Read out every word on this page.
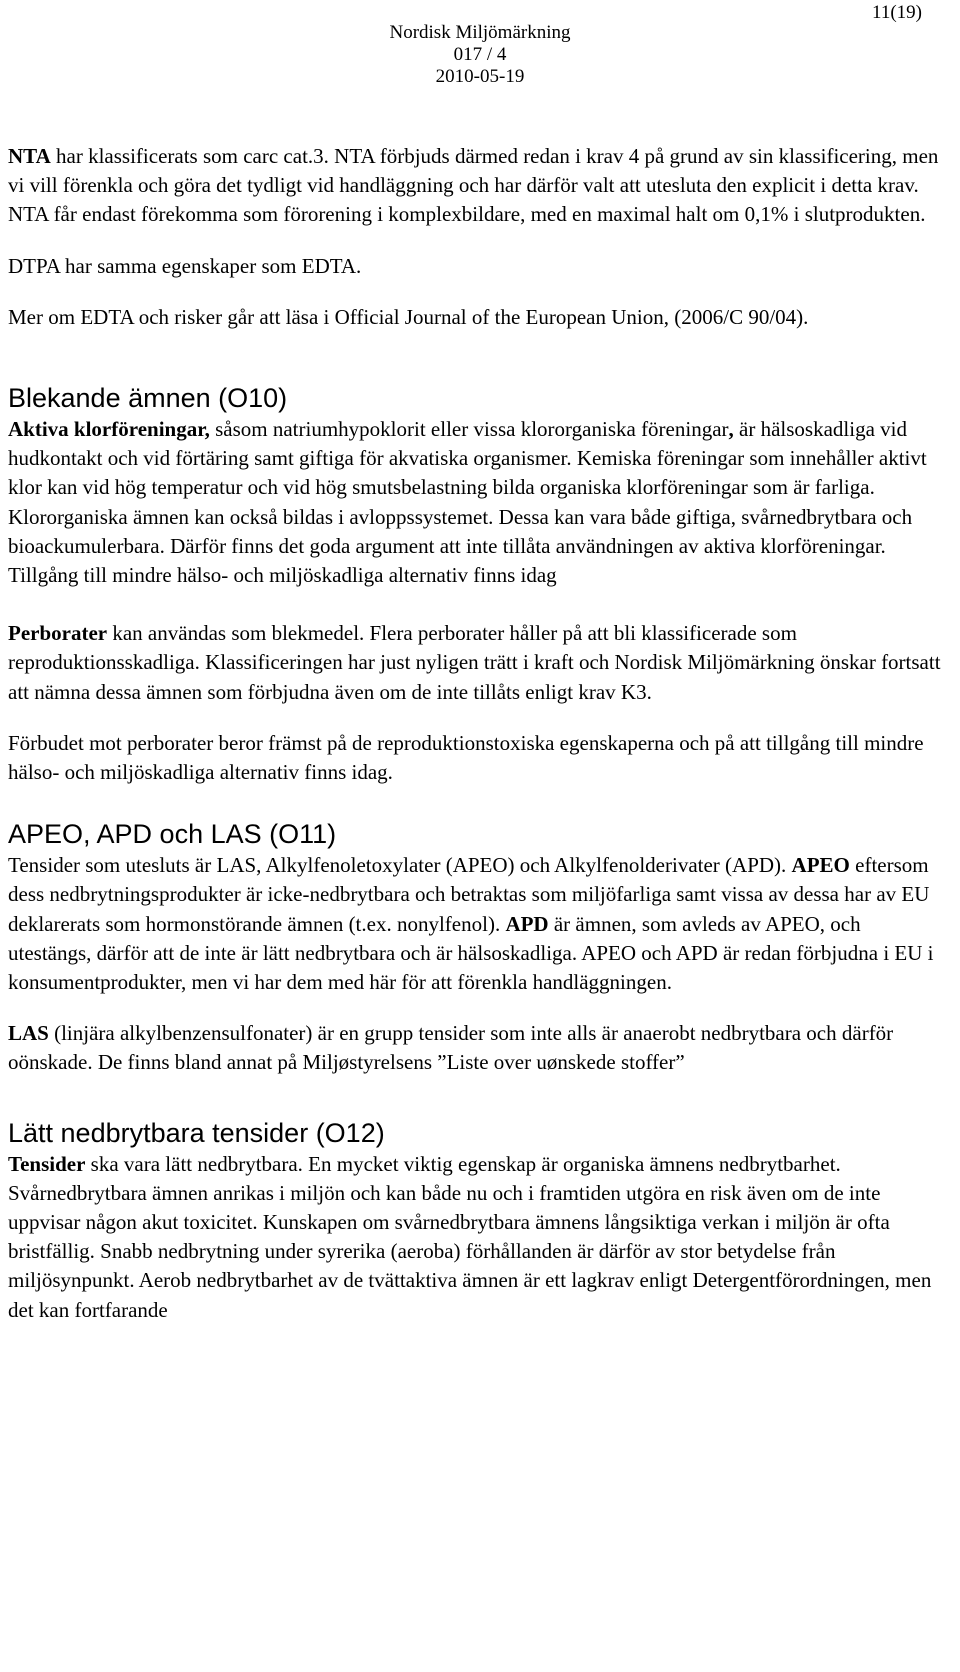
11(19)
Nordisk Miljömärkning
017 / 4
2010-05-19

NTA har klassificerats som carc cat.3. NTA förbjuds därmed redan i krav 4 på grund av sin klassificering, men vi vill förenkla och göra det tydligt vid handläggning och har därför valt att utesluta den explicit i detta krav. NTA får endast förekomma som förorening i komplexbildare, med en maximal halt om 0,1% i slutprodukten.

DTPA har samma egenskaper som EDTA.

Mer om EDTA och risker går att läsa i Official Journal of the European Union, (2006/C 90/04).

Blekande ämnen (O10)

Aktiva klorföreningar, såsom natriumhypoklorit eller vissa klororganiska föreningar, är hälsoskadliga vid hudkontakt och vid förtäring samt giftiga för akvatiska organismer. Kemiska föreningar som innehåller aktivt klor kan vid hög temperatur och vid hög smutsbelastning bilda organiska klorföreningar som är farliga. Klororganiska ämnen kan också bildas i avloppssystemet. Dessa kan vara både giftiga, svårnedbrytbara och bioackumulerbara. Därför finns det goda argument att inte tillåta användningen av aktiva klorföreningar. Tillgång till mindre hälso- och miljöskadliga alternativ finns idag

Perborater kan användas som blekmedel. Flera perborater håller på att bli klassificerade som reproduktionsskadliga. Klassificeringen har just nyligen trätt i kraft och Nordisk Miljömärkning önskar fortsatt att nämna dessa ämnen som förbjudna även om de inte tillåts enligt krav K3.

Förbudet mot perborater beror främst på de reproduktionstoxiska egenskaperna och på att tillgång till mindre hälso- och miljöskadliga alternativ finns idag.

APEO, APD och LAS (O11)

Tensider som utesluts är LAS, Alkylfenoletoxylater (APEO) och Alkylfenolderivater (APD). APEO eftersom dess nedbrytningsprodukter är icke-nedbrytbara och betraktas som miljöfarliga samt vissa av dessa har av EU deklarerats som hormonstörande ämnen (t.ex. nonylfenol). APD är ämnen, som avleds av APEO, och utestängs, därför att de inte är lätt nedbrytbara och är hälsoskadliga. APEO och APD är redan förbjudna i EU i konsumentprodukter, men vi har dem med här för att förenkla handläggningen.

LAS (linjära alkylbenzensulfonater) är en grupp tensider som inte alls är anaerobt nedbrytbara och därför oönskade. De finns bland annat på Miljøstyrelsens ”Liste over uønskede stoffer”

Lätt nedbrytbara tensider (O12)

Tensider ska vara lätt nedbrytbara. En mycket viktig egenskap är organiska ämnens nedbrytbarhet. Svårnedbrytbara ämnen anrikas i miljön och kan både nu och i framtiden utgöra en risk även om de inte uppvisar någon akut toxicitet. Kunskapen om svårnedbrytbara ämnens långsiktiga verkan i miljön är ofta bristfällig. Snabb nedbrytning under syrerika (aeroba) förhållanden är därför av stor betydelse från miljösynpunkt. Aerob nedbrytbarhet av de tvättaktiva ämnen är ett lagkrav enligt Detergentförordningen, men det kan fortfarande
